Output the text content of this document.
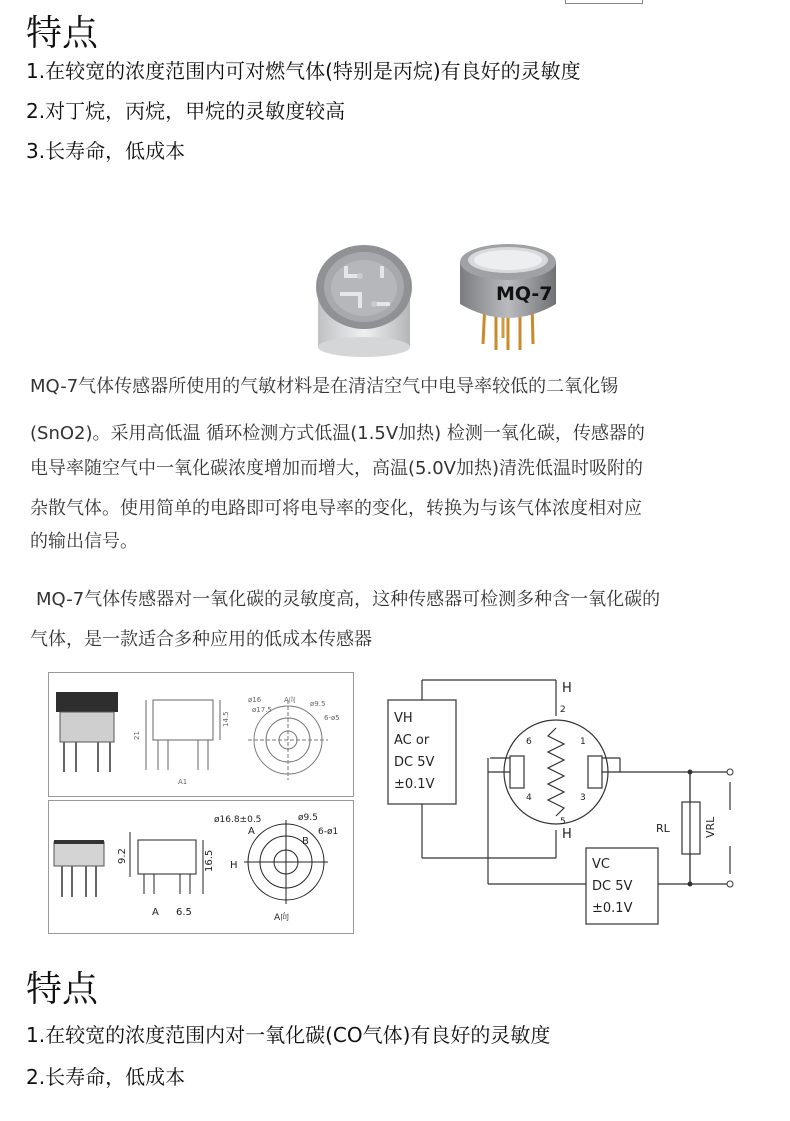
特点
1.在较宽的浓度范围内可对燃气体(特别是丙烷)有良好的灵敏度
2.对丁烷，丙烷，甲烷的灵敏度较高
3.长寿命，低成本
MQ-7
MQ-7气体传感器所使用的气敏材料是在清洁空气中电导率较低的二氧化锡
(SnO2)。采用高低温 循环检测方式低温(1.5V加热) 检测一氧化碳，传感器的
电导率随空气中一氧化碳浓度增加而增大，高温(5.0V加热)清洗低温时吸附的
杂散气体。使用简单的电路即可将电导率的变化，转换为与该气体浓度相对应
的输出信号。
MQ-7气体传感器对一氧化碳的灵敏度高，这种传感器可检测多种含一氧化碳的
气体，是一款适合多种应用的低成本传感器
21
14.5
A1
ø16
ø17.5
A向 ø9.5
6-ø5
9.2	16.5
A 6.5
ø16.8±0.5	ø9.5
6-ø1
A
B
H
A向
VH
AC or
DC 5V
±0.1V
VC
DC 5V
±0.1V
H
H	RL	VRL
2
5
6	1
4	3
特点
1.在较宽的浓度范围内对一氧化碳(CO气体)有良好的灵敏度
2.长寿命，低成本
